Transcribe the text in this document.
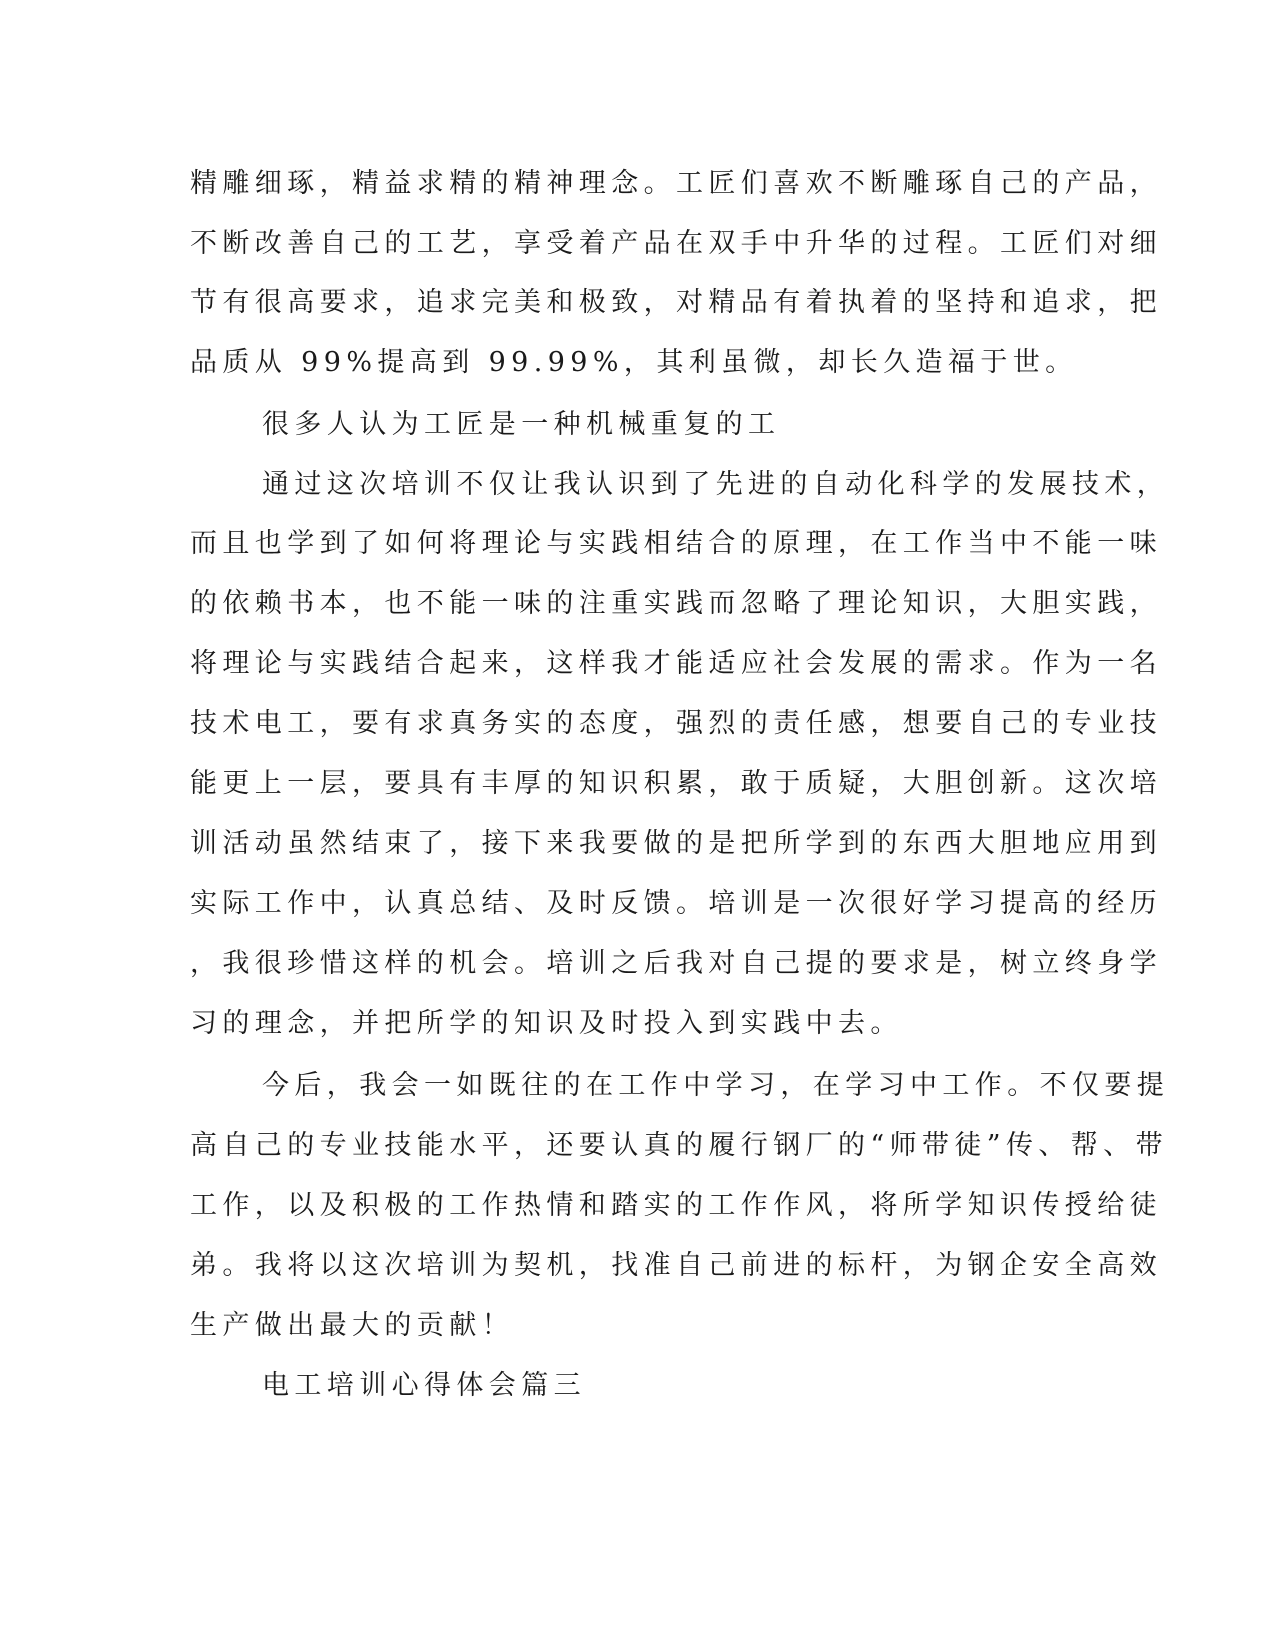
精雕细琢，精益求精的精神理念。工匠们喜欢不断雕琢自己的产品，
不断改善自己的工艺，享受着产品在双手中升华的过程。工匠们对细
节有很高要求，追求完美和极致，对精品有着执着的坚持和追求，把
品质从 99%提高到 99.99%，其利虽微，却长久造福于世。
很多人认为工匠是一种机械重复的工
通过这次培训不仅让我认识到了先进的自动化科学的发展技术，
而且也学到了如何将理论与实践相结合的原理，在工作当中不能一味
的依赖书本，也不能一味的注重实践而忽略了理论知识，大胆实践，
将理论与实践结合起来，这样我才能适应社会发展的需求。作为一名
技术电工，要有求真务实的态度，强烈的责任感，想要自己的专业技
能更上一层，要具有丰厚的知识积累，敢于质疑，大胆创新。这次培
训活动虽然结束了，接下来我要做的是把所学到的东西大胆地应用到
实际工作中，认真总结、及时反馈。培训是一次很好学习提高的经历
，我很珍惜这样的机会。培训之后我对自己提的要求是，树立终身学
习的理念，并把所学的知识及时投入到实践中去。
今后，我会一如既往的在工作中学习，在学习中工作。不仅要提
高自己的专业技能水平，还要认真的履行钢厂的“师带徒”传、帮、带
工作，以及积极的工作热情和踏实的工作作风，将所学知识传授给徒
弟。我将以这次培训为契机，找准自己前进的标杆，为钢企安全高效
生产做出最大的贡献！
电工培训心得体会篇三
